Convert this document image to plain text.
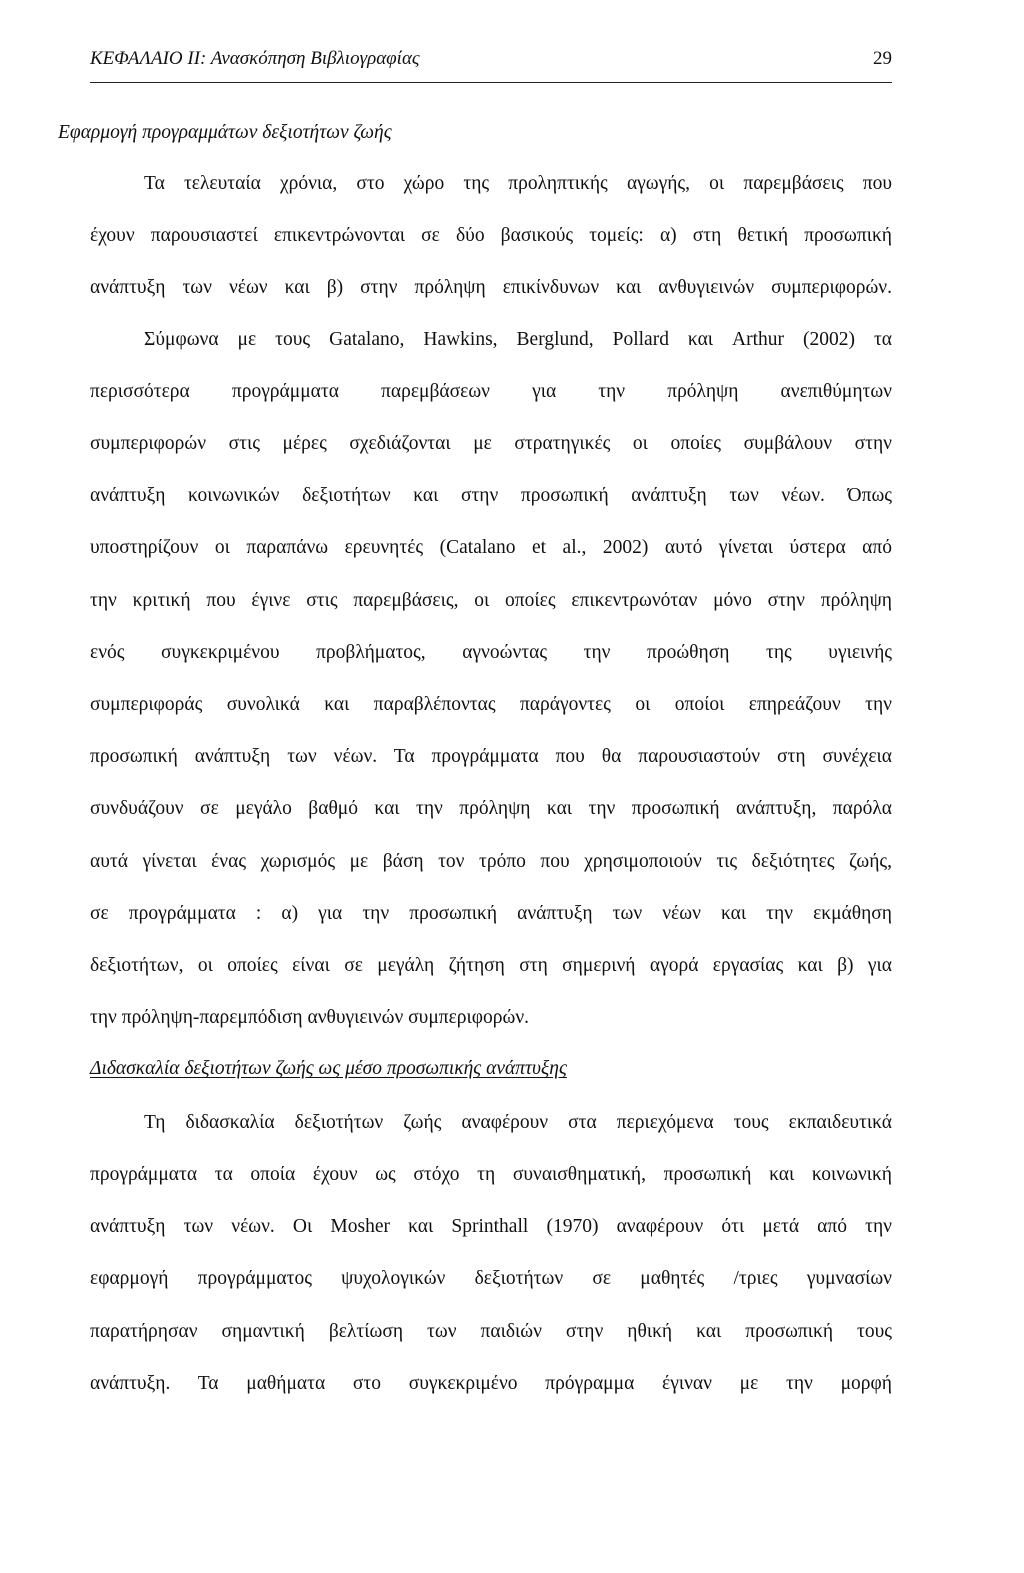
ΚΕΦΑΛΑΙΟ ΙΙ: Ανασκόπηση Βιβλιογραφίας	29
Εφαρμογή προγραμμάτων δεξιοτήτων ζωής
Τα τελευταία χρόνια, στο χώρο της προληπτικής αγωγής, οι παρεμβάσεις που
έχουν παρουσιαστεί επικεντρώνονται σε δύο βασικούς τομείς: α) στη θετική προσωπική
ανάπτυξη των νέων και β) στην πρόληψη επικίνδυνων και ανθυγιεινών συμπεριφορών.
Σύμφωνα με τους Gatalano, Hawkins, Berglund, Pollard και Arthur (2002) τα
περισσότερα προγράμματα παρεμβάσεων για την πρόληψη ανεπιθύμητων
συμπεριφορών στις μέρες σχεδιάζονται με στρατηγικές οι οποίες συμβάλουν στην
ανάπτυξη κοινωνικών δεξιοτήτων και στην προσωπική ανάπτυξη των νέων. Όπως
υποστηρίζουν οι παραπάνω ερευνητές (Catalano et al., 2002) αυτό γίνεται ύστερα από
την κριτική που έγινε στις παρεμβάσεις, οι οποίες επικεντρωνόταν μόνο στην πρόληψη
ενός συγκεκριμένου προβλήματος, αγνοώντας την προώθηση της υγιεινής
συμπεριφοράς συνολικά και παραβλέποντας παράγοντες οι οποίοι επηρεάζουν την
προσωπική ανάπτυξη των νέων. Τα προγράμματα που θα παρουσιαστούν στη συνέχεια
συνδυάζουν σε μεγάλο βαθμό και την πρόληψη και την προσωπική ανάπτυξη, παρόλα
αυτά γίνεται ένας χωρισμός με βάση τον τρόπο που χρησιμοποιούν τις δεξιότητες ζωής,
σε προγράμματα : α) για την προσωπική ανάπτυξη των νέων και την εκμάθηση
δεξιοτήτων, οι οποίες είναι σε μεγάλη ζήτηση στη σημερινή αγορά εργασίας και β) για
την πρόληψη-παρεμπόδιση ανθυγιεινών συμπεριφορών.
Διδασκαλία δεξιοτήτων ζωής ως μέσο προσωπικής ανάπτυξης
Τη διδασκαλία δεξιοτήτων ζωής αναφέρουν στα περιεχόμενα τους εκπαιδευτικά
προγράμματα τα οποία έχουν ως στόχο τη συναισθηματική, προσωπική και κοινωνική
ανάπτυξη των νέων. Οι Mosher και Sprinthall (1970) αναφέρουν ότι μετά από την
εφαρμογή προγράμματος ψυχολογικών δεξιοτήτων σε μαθητές /τριες γυμνασίων
παρατήρησαν σημαντική βελτίωση των παιδιών στην ηθική και προσωπική τους
ανάπτυξη. Τα μαθήματα στο συγκεκριμένο πρόγραμμα έγιναν με την μορφή
